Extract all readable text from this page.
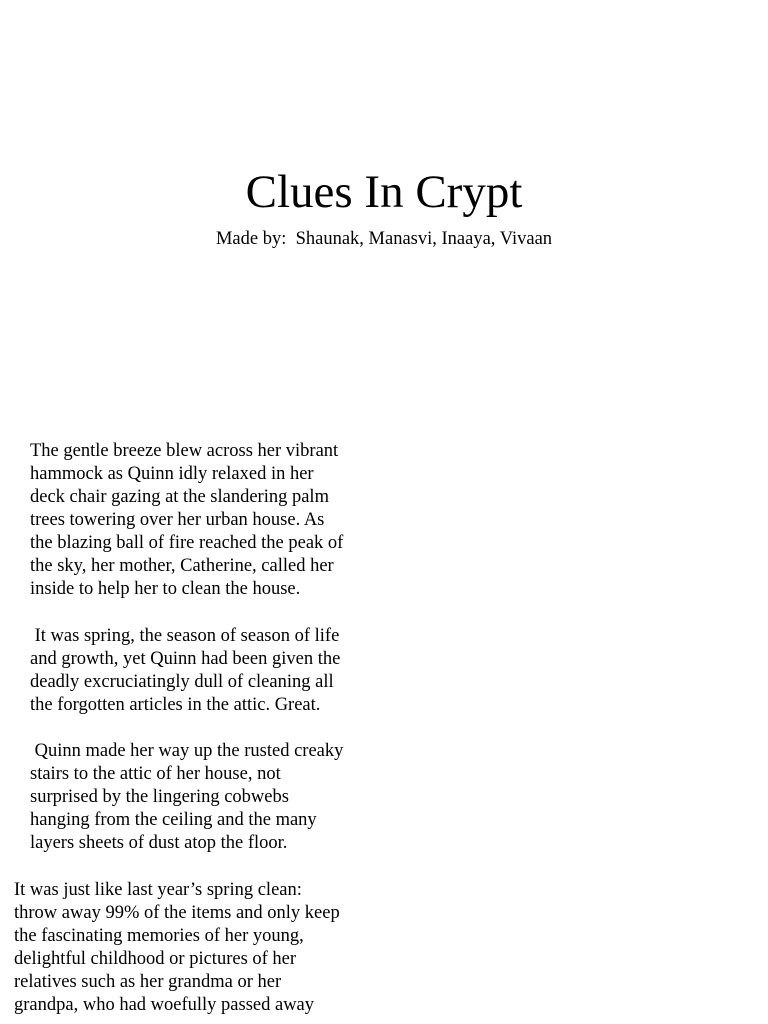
Clues In Crypt

Made by:  Shaunak, Manasvi, Inaaya, Vivaan

The gentle breeze blew across her vibrant
hammock as Quinn idly relaxed in her
deck chair gazing at the slandering palm
trees towering over her urban house. As
the blazing ball of fire reached the peak of
the sky, her mother, Catherine, called her
inside to help her to clean the house.

It was spring, the season of season of life
and growth, yet Quinn had been given the
deadly excruciatingly dull of cleaning all
the forgotten articles in the attic. Great.

Quinn made her way up the rusted creaky
stairs to the attic of her house, not
surprised by the lingering cobwebs
hanging from the ceiling and the many
layers sheets of dust atop the floor.

It was just like last year’s spring clean:
throw away 99% of the items and only keep
the fascinating memories of her young,
delightful childhood or pictures of her
relatives such as her grandma or her
grandpa, who had woefully passed away
